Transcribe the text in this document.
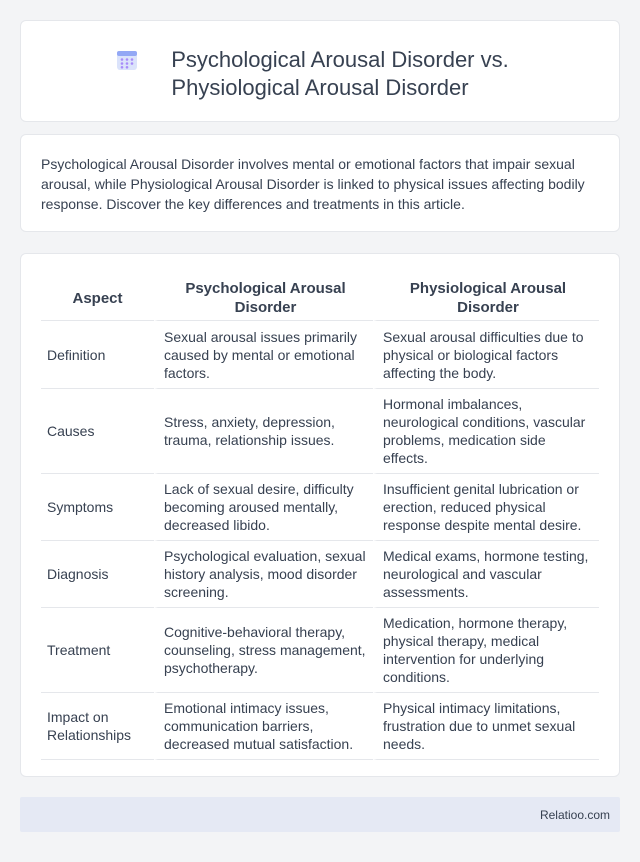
Psychological Arousal Disorder vs.
Physiological Arousal Disorder

Psychological Arousal Disorder involves mental or emotional factors that impair sexual arousal, while Physiological Arousal Disorder is linked to physical issues affecting bodily response. Discover the key differences and treatments in this article.

Aspect	Psychological Arousal Disorder	Physiological Arousal Disorder
Definition	Sexual arousal issues primarily caused by mental or emotional factors.	Sexual arousal difficulties due to physical or biological factors affecting the body.
Causes	Stress, anxiety, depression, trauma, relationship issues.	Hormonal imbalances, neurological conditions, vascular problems, medication side effects.
Symptoms	Lack of sexual desire, difficulty becoming aroused mentally, decreased libido.	Insufficient genital lubrication or erection, reduced physical response despite mental desire.
Diagnosis	Psychological evaluation, sexual history analysis, mood disorder screening.	Medical exams, hormone testing, neurological and vascular assessments.
Treatment	Cognitive-behavioral therapy, counseling, stress management, psychotherapy.	Medication, hormone therapy, physical therapy, medical intervention for underlying conditions.
Impact on Relationships	Emotional intimacy issues, communication barriers, decreased mutual satisfaction.	Physical intimacy limitations, frustration due to unmet sexual needs.
Relatioo.com
